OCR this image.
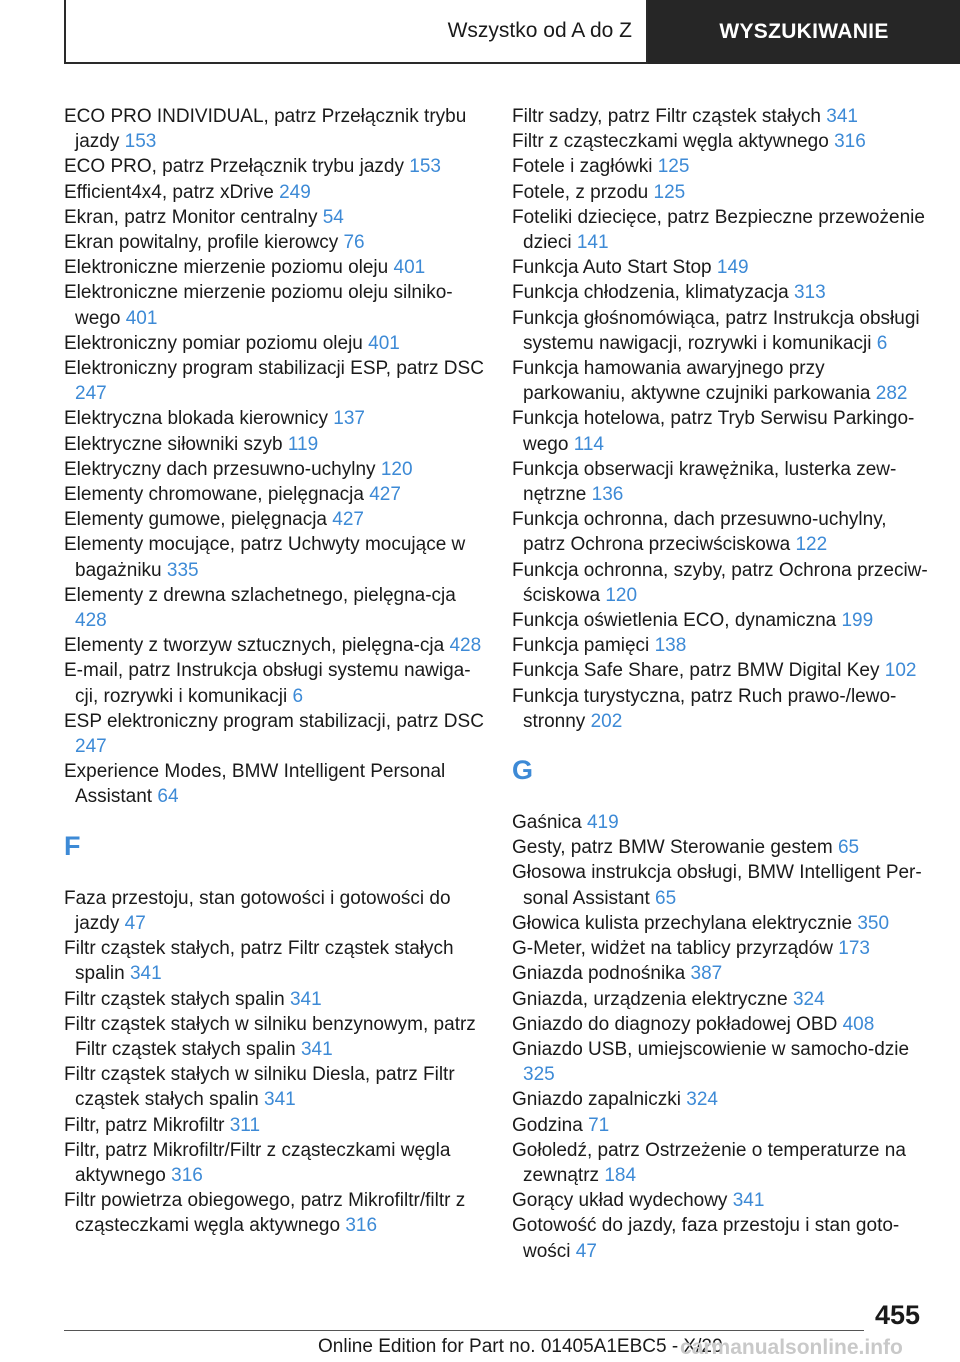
Wszystko od A do Z	WYSZUKIWANIE

ECO PRO INDIVIDUAL, patrz Przełącznik trybu jazdy 153

ECO PRO, patrz Przełącznik trybu jazdy 153

Efficient4x4, patrz xDrive 249

Ekran, patrz Monitor centralny 54

Ekran powitalny, profile kierowcy 76

Elektroniczne mierzenie poziomu oleju 401

Elektroniczne mierzenie poziomu oleju silniko‐wego 401

Elektroniczny pomiar poziomu oleju 401

Elektroniczny program stabilizacji ESP, patrz DSC 247

Elektryczna blokada kierownicy 137

Elektryczne siłowniki szyb 119

Elektryczny dach przesuwno-uchylny 120

Elementy chromowane, pielęgnacja 427

Elementy gumowe, pielęgnacja 427

Elementy mocujące, patrz Uchwyty mocujące w bagażniku 335

Elementy z drewna szlachetnego, pielęgna‐cja 428

Elementy z tworzyw sztucznych, pielęgna‐cja 428

E-mail, patrz Instrukcja obsługi systemu nawiga‐cji, rozrywki i komunikacji 6

ESP elektroniczny program stabilizacji, patrz DSC 247

Experience Modes, BMW Intelligent Personal Assistant 64

F

Faza przestoju, stan gotowości i gotowości do jazdy 47

Filtr cząstek stałych, patrz Filtr cząstek stałych spalin 341

Filtr cząstek stałych spalin 341

Filtr cząstek stałych w silniku benzynowym, patrz Filtr cząstek stałych spalin 341

Filtr cząstek stałych w silniku Diesla, patrz Filtr cząstek stałych spalin 341

Filtr, patrz Mikrofiltr 311

Filtr, patrz Mikrofiltr/Filtr z cząsteczkami węgla aktywnego 316

Filtr powietrza obiegowego, patrz Mikrofiltr/filtr z cząsteczkami węgla aktywnego 316

Filtr sadzy, patrz Filtr cząstek stałych 341

Filtr z cząsteczkami węgla aktywnego 316

Fotele i zagłówki 125

Fotele, z przodu 125

Foteliki dziecięce, patrz Bezpieczne przewożenie dzieci 141

Funkcja Auto Start Stop 149

Funkcja chłodzenia, klimatyzacja 313

Funkcja głośnomówiąca, patrz Instrukcja obsługi systemu nawigacji, rozrywki i komunikacji 6

Funkcja hamowania awaryjnego przy parkowaniu, aktywne czujniki parkowania 282

Funkcja hotelowa, patrz Tryb Serwisu Parkingo‐wego 114

Funkcja obserwacji krawężnika, lusterka zew‐nętrzne 136

Funkcja ochronna, dach przesuwno-uchylny, patrz Ochrona przeciwściskowa 122

Funkcja ochronna, szyby, patrz Ochrona przeciw‐ściskowa 120

Funkcja oświetlenia ECO, dynamiczna 199

Funkcja pamięci 138

Funkcja Safe Share, patrz BMW Digital Key 102

Funkcja turystyczna, patrz Ruch prawo-/lewo‐stronny 202

G

Gaśnica 419

Gesty, patrz BMW Sterowanie gestem 65

Głosowa instrukcja obsługi, BMW Intelligent Per‐sonal Assistant 65

Głowica kulista przechylana elektrycznie 350

G-Meter, widżet na tablicy przyrządów 173

Gniazda podnośnika 387

Gniazda, urządzenia elektryczne 324

Gniazdo do diagnozy pokładowej OBD 408

Gniazdo USB, umiejscowienie w samocho‐dzie 325

Gniazdo zapalniczki 324

Godzina 71

Gołoledź, patrz Ostrzeżenie o temperaturze na zewnątrz 184

Gorący układ wydechowy 341

Gotowość do jazdy, faza przestoju i stan goto‐wości 47

455
Online Edition for Part no. 01405A1EBC5 - X/20
carmanualsonline.info
